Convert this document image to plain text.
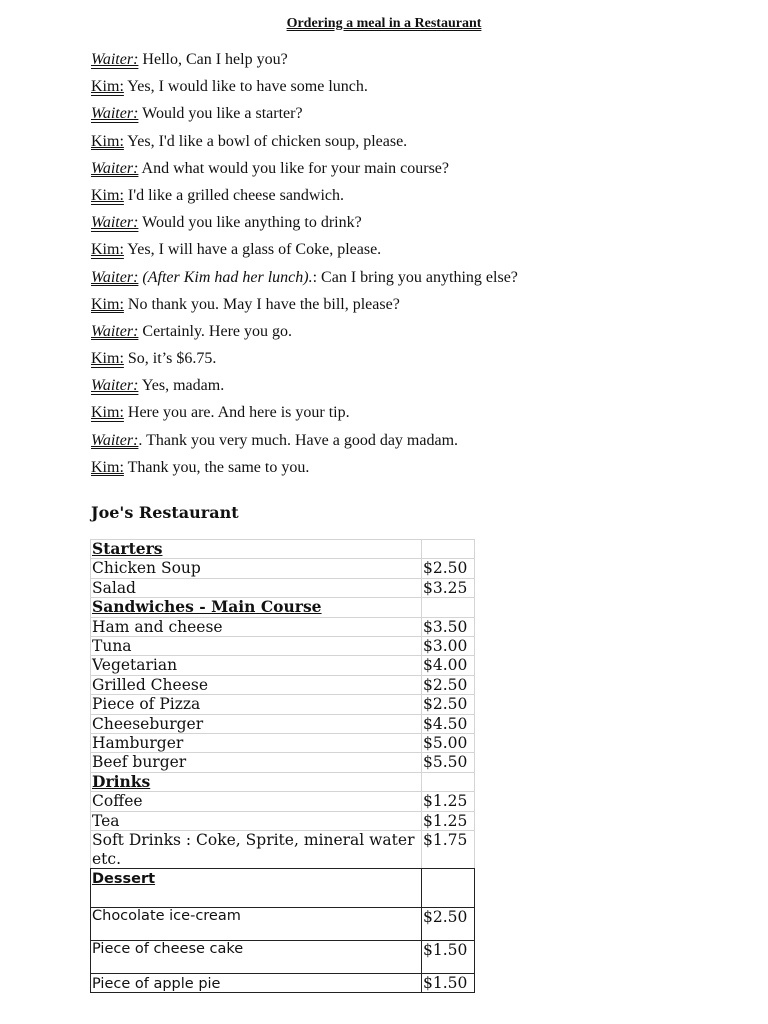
Ordering a meal in a Restaurant
Waiter: Hello, Can I help you?
Kim: Yes, I would like to have some lunch.
Waiter: Would you like a starter?
Kim: Yes, I'd like a bowl of chicken soup, please.
Waiter: And what would you like for your main course?
Kim: I'd like a grilled cheese sandwich.
Waiter: Would you like anything to drink?
Kim: Yes, I will have a glass of Coke, please.
Waiter: (After Kim had her lunch).: Can I bring you anything else?
Kim: No thank you. May I have the bill, please?
Waiter: Certainly. Here you go.
Kim: So, it’s $6.75.
Waiter: Yes, madam.
Kim: Here you are. And here is your tip.
Waiter:. Thank you very much. Have a good day madam.
Kim: Thank you, the same to you.
Joe's Restaurant
Starters	
Chicken Soup	$2.50
Salad	$3.25
Sandwiches - Main Course	
Ham and cheese	$3.50
Tuna	$3.00
Vegetarian	$4.00
Grilled Cheese	$2.50
Piece of Pizza	$2.50
Cheeseburger	$4.50
Hamburger	$5.00
Beef burger	$5.50
Drinks	
Coffee	$1.25
Tea	$1.25
Soft Drinks : Coke, Sprite, mineral water etc.	$1.75
Dessert	
Chocolate ice-cream	$2.50
Piece of cheese cake	$1.50
Piece of apple pie	$1.50
